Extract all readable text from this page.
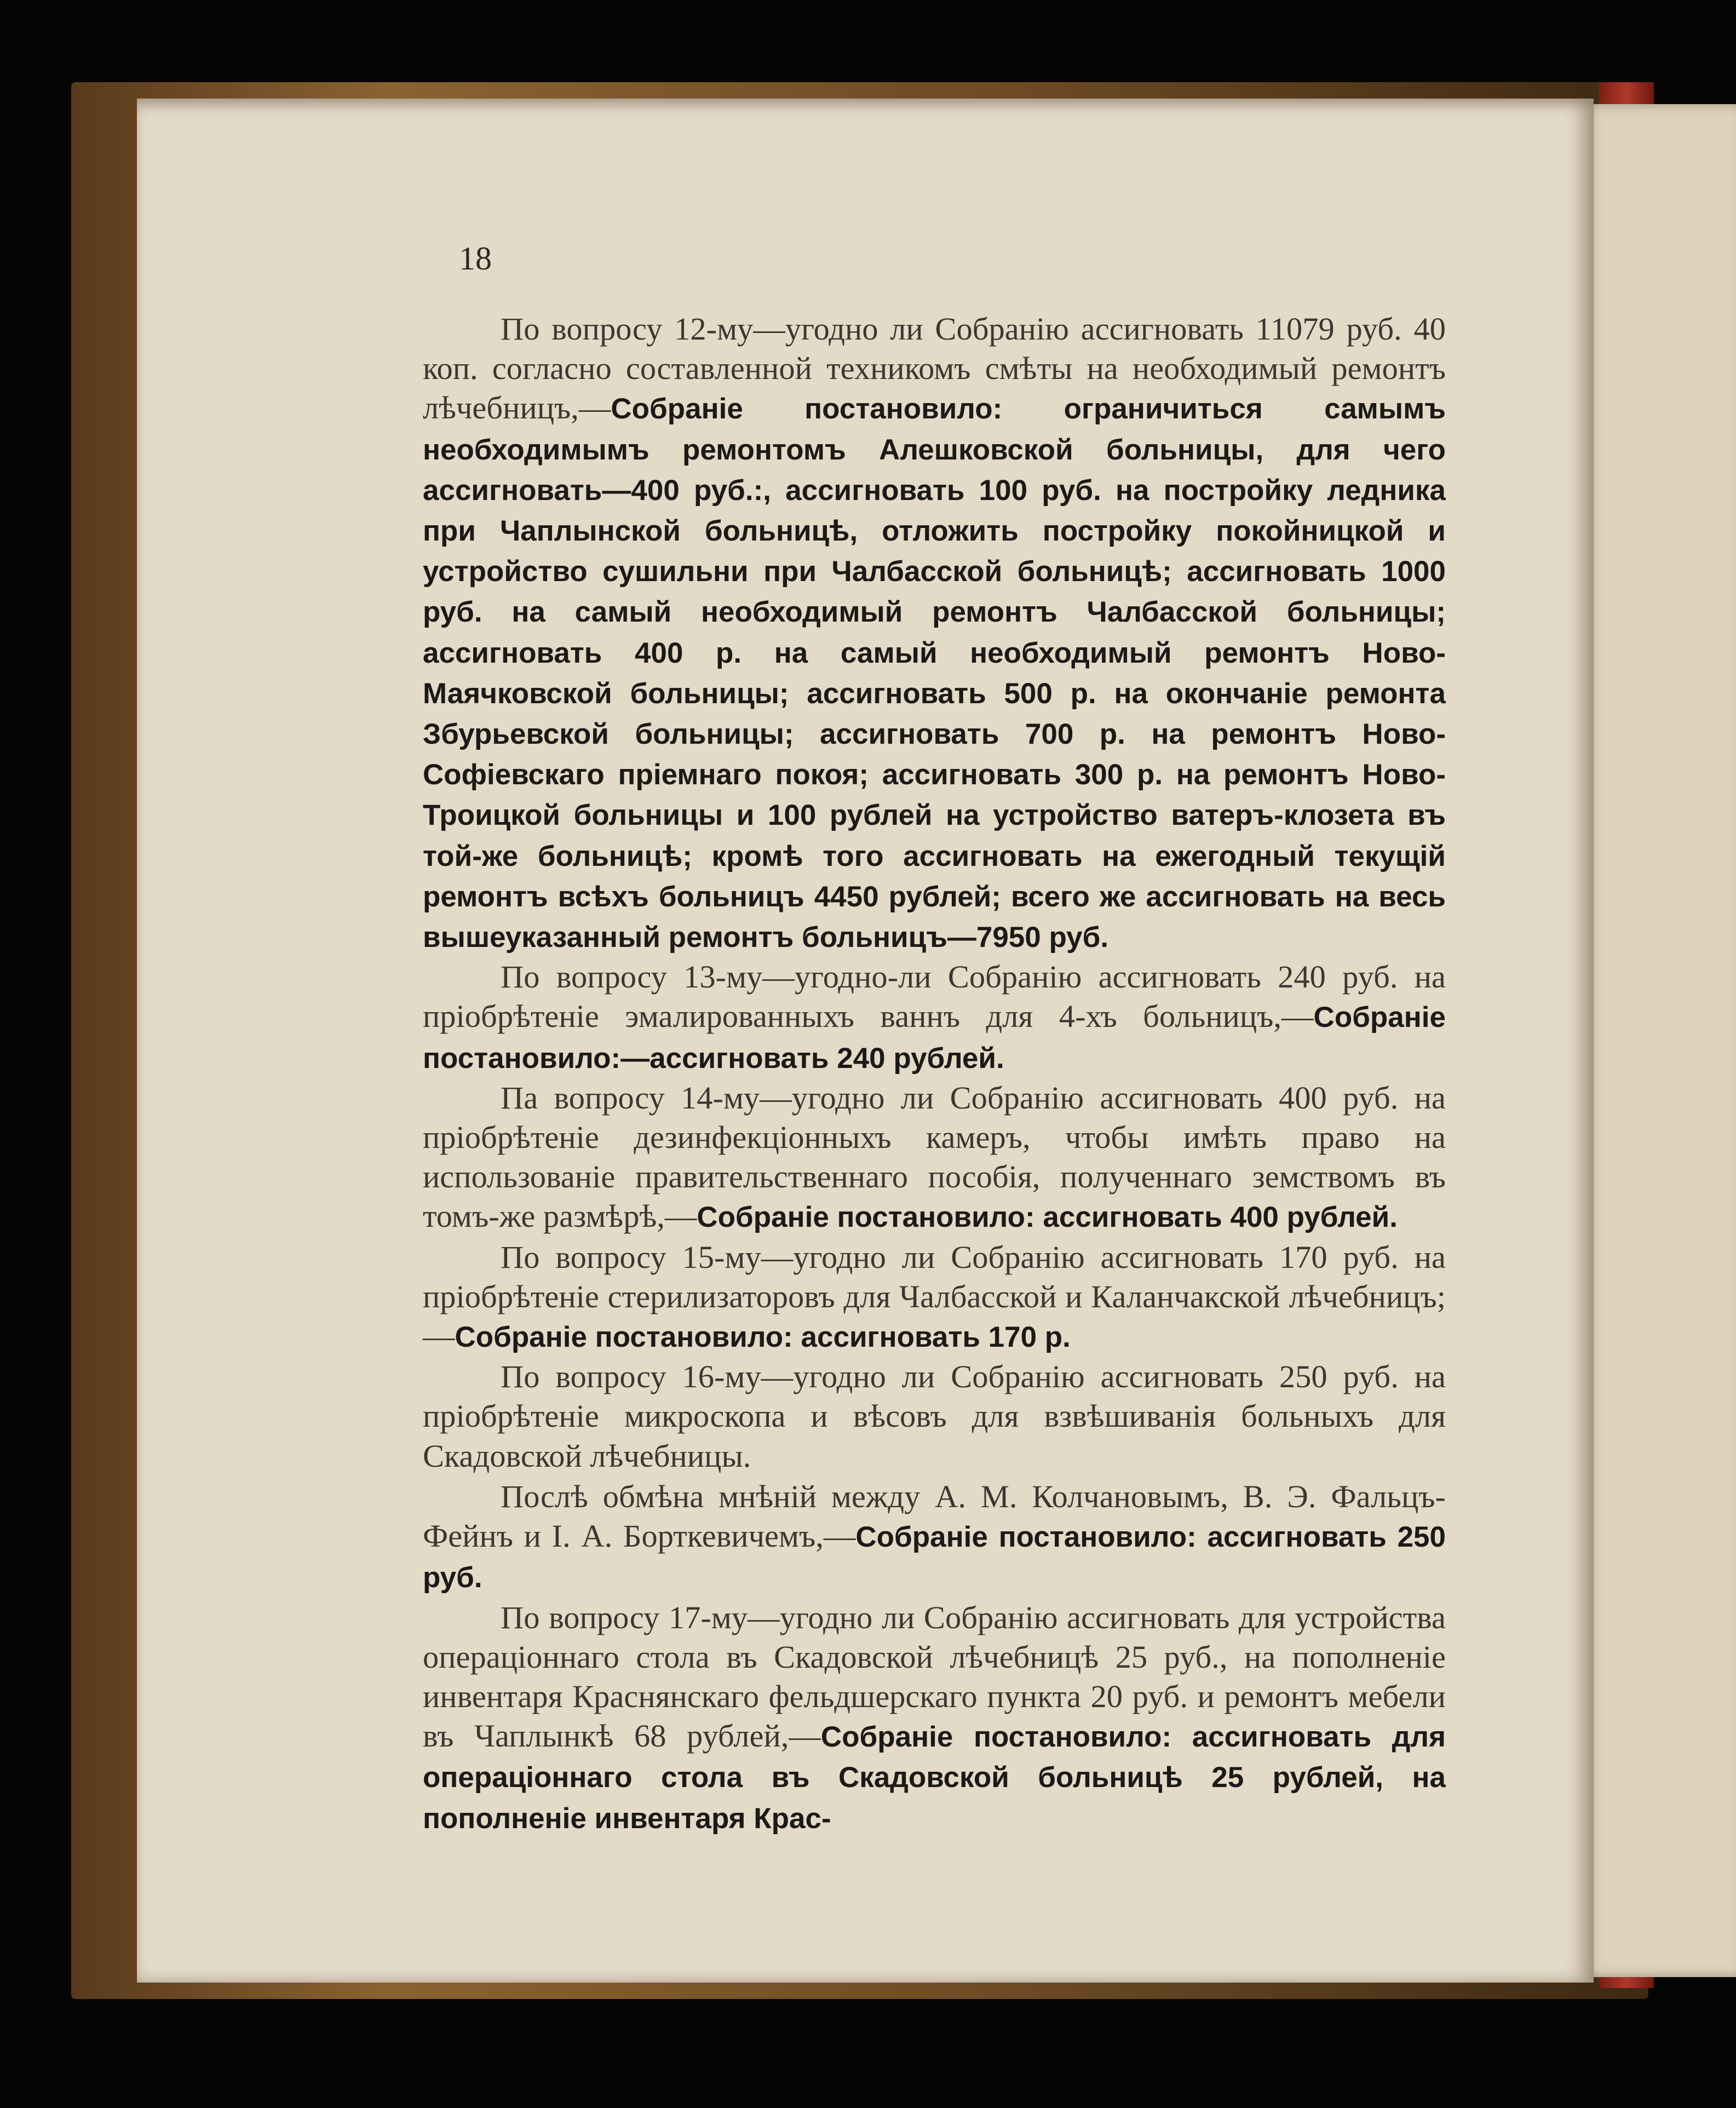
18

По вопросу 12-му—угодно ли Собранію ассигновать 11079 руб. 40 коп. согласно составленной техникомъ смѣты на необходимый ремонтъ лѣчебницъ,—Собраніе постановило: ограничиться самымъ необходимымъ ремонтомъ Алешковской больницы, для чего ассигновать—400 руб.:, ассигновать 100 руб. на постройку ледника при Чаплынской больницѣ, отложить постройку покойницкой и устройство сушильни при Чалбасской больницѣ; ассигновать 1000 руб. на самый необходимый ремонтъ Чалбасской больницы; ассигновать 400 р. на самый необходимый ремонтъ Ново-Маячковской больницы; ассигновать 500 р. на окончаніе ремонта Збурьевской больницы; ассигновать 700 р. на ремонтъ Ново-Софіевскаго пріемнаго покоя; ассигновать 300 р. на ремонтъ Ново-Троицкой больницы и 100 рублей на устройство ватеръ-клозета въ той-же больницѣ; кромѣ того ассигновать на ежегодный текущій ремонтъ всѣхъ больницъ 4450 рублей; всего же ассигновать на весь вышеуказанный ремонтъ больницъ—7950 руб.

По вопросу 13-му—угодно-ли Собранію ассигновать 240 руб. на пріобрѣтеніе эмалированныхъ ваннъ для 4-хъ больницъ,—Собраніе постановило:—ассигновать 240 рублей.

Па вопросу 14-му—угодно ли Собранію ассигновать 400 руб. на пріобрѣтеніе дезинфекціонныхъ камеръ, чтобы имѣть право на использованіе правительственнаго пособія, полученнаго земствомъ въ томъ-же размѣрѣ,—Собраніе постановило: ассигновать 400 рублей.

По вопросу 15-му—угодно ли Собранію ассигновать 170 руб. на пріобрѣтеніе стерилизаторовъ для Чалбасской и Каланчакской лѣчебницъ;—Собраніе постановило: ассигновать 170 р.

По вопросу 16-му—угодно ли Собранію ассигновать 250 руб. на пріобрѣтеніе микроскопа и вѣсовъ для взвѣшиванія больныхъ для Скадовской лѣчебницы.

Послѣ обмѣна мнѣній между А. М. Колчановымъ, В. Э. Фальцъ-Фейнъ и I. А. Борткевичемъ,—Собраніе постановило: ассигновать 250 руб.

По вопросу 17-му—угодно ли Собранію ассигновать для устройства операціоннаго стола въ Скадовской лѣчебницѣ 25 руб., на пополненіе инвентаря Краснянскаго фельдшерскаго пункта 20 руб. и ремонтъ мебели въ Чаплынкѣ 68 рублей,—Собраніе постановило: ассигновать для операціоннаго стола въ Скадовской больницѣ 25 рублей, на пополненіе инвентаря Крас-
